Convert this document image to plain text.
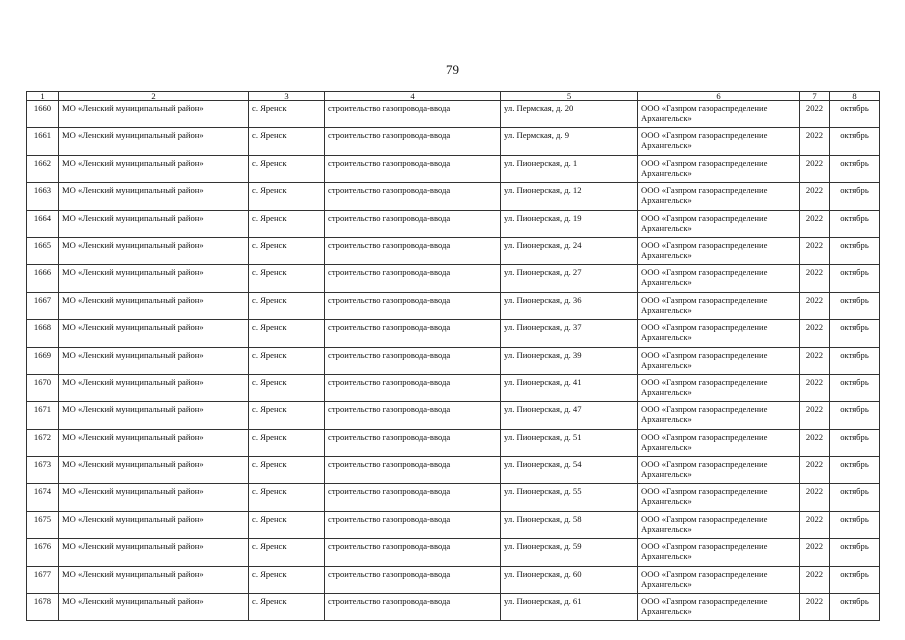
79
1	2	3	4	5	6	7	8
1660	МО «Ленский муниципальный район»	с. Яренск	строительство газопровода-ввода	ул. Пермская, д. 20	ООО «Газпром газораспределение Архангельск»	2022	октябрь
1661	МО «Ленский муниципальный район»	с. Яренск	строительство газопровода-ввода	ул. Пермская, д. 9	ООО «Газпром газораспределение Архангельск»	2022	октябрь
1662	МО «Ленский муниципальный район»	с. Яренск	строительство газопровода-ввода	ул. Пионерская, д. 1	ООО «Газпром газораспределение Архангельск»	2022	октябрь
1663	МО «Ленский муниципальный район»	с. Яренск	строительство газопровода-ввода	ул. Пионерская, д. 12	ООО «Газпром газораспределение Архангельск»	2022	октябрь
1664	МО «Ленский муниципальный район»	с. Яренск	строительство газопровода-ввода	ул. Пионерская, д. 19	ООО «Газпром газораспределение Архангельск»	2022	октябрь
1665	МО «Ленский муниципальный район»	с. Яренск	строительство газопровода-ввода	ул. Пионерская, д. 24	ООО «Газпром газораспределение Архангельск»	2022	октябрь
1666	МО «Ленский муниципальный район»	с. Яренск	строительство газопровода-ввода	ул. Пионерская, д. 27	ООО «Газпром газораспределение Архангельск»	2022	октябрь
1667	МО «Ленский муниципальный район»	с. Яренск	строительство газопровода-ввода	ул. Пионерская, д. 36	ООО «Газпром газораспределение Архангельск»	2022	октябрь
1668	МО «Ленский муниципальный район»	с. Яренск	строительство газопровода-ввода	ул. Пионерская, д. 37	ООО «Газпром газораспределение Архангельск»	2022	октябрь
1669	МО «Ленский муниципальный район»	с. Яренск	строительство газопровода-ввода	ул. Пионерская, д. 39	ООО «Газпром газораспределение Архангельск»	2022	октябрь
1670	МО «Ленский муниципальный район»	с. Яренск	строительство газопровода-ввода	ул. Пионерская, д. 41	ООО «Газпром газораспределение Архангельск»	2022	октябрь
1671	МО «Ленский муниципальный район»	с. Яренск	строительство газопровода-ввода	ул. Пионерская, д. 47	ООО «Газпром газораспределение Архангельск»	2022	октябрь
1672	МО «Ленский муниципальный район»	с. Яренск	строительство газопровода-ввода	ул. Пионерская, д. 51	ООО «Газпром газораспределение Архангельск»	2022	октябрь
1673	МО «Ленский муниципальный район»	с. Яренск	строительство газопровода-ввода	ул. Пионерская, д. 54	ООО «Газпром газораспределение Архангельск»	2022	октябрь
1674	МО «Ленский муниципальный район»	с. Яренск	строительство газопровода-ввода	ул. Пионерская, д. 55	ООО «Газпром газораспределение Архангельск»	2022	октябрь
1675	МО «Ленский муниципальный район»	с. Яренск	строительство газопровода-ввода	ул. Пионерская, д. 58	ООО «Газпром газораспределение Архангельск»	2022	октябрь
1676	МО «Ленский муниципальный район»	с. Яренск	строительство газопровода-ввода	ул. Пионерская, д. 59	ООО «Газпром газораспределение Архангельск»	2022	октябрь
1677	МО «Ленский муниципальный район»	с. Яренск	строительство газопровода-ввода	ул. Пионерская, д. 60	ООО «Газпром газораспределение Архангельск»	2022	октябрь
1678	МО «Ленский муниципальный район»	с. Яренск	строительство газопровода-ввода	ул. Пионерская, д. 61	ООО «Газпром газораспределение Архангельск»	2022	октябрь
